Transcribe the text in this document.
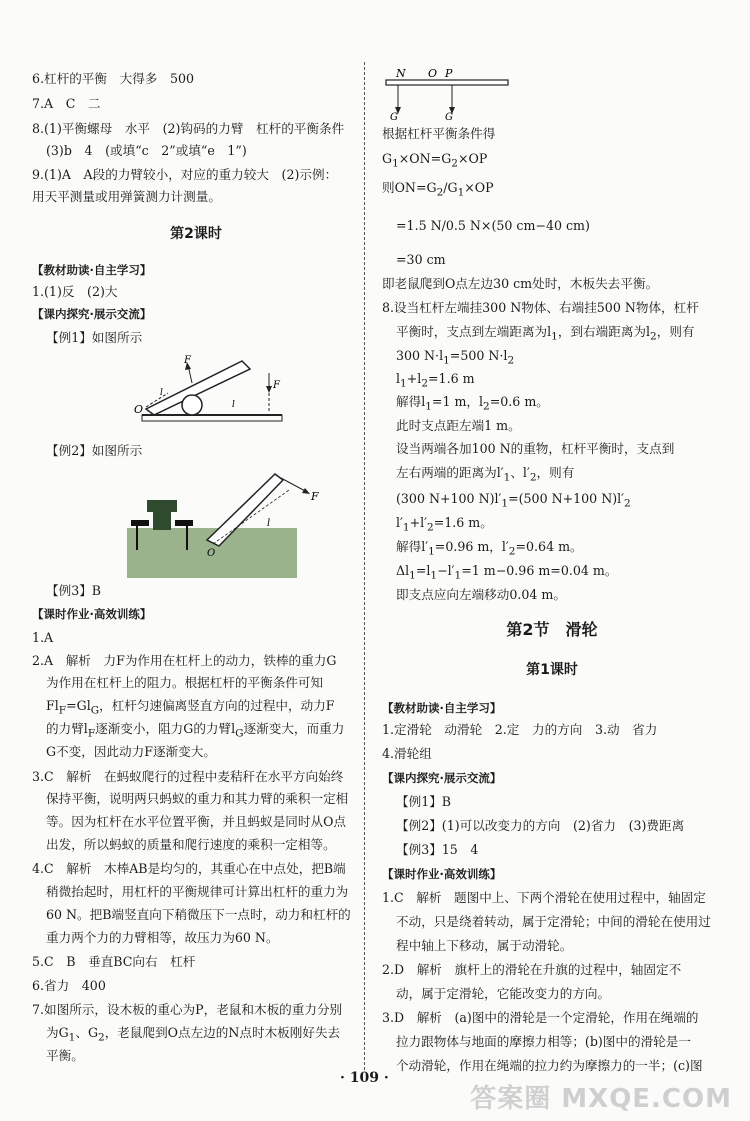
6.杠杆的平衡　大得多　500
7.A　C　二
8.(1)平衡螺母　水平　(2)钩码的力臂　杠杆的平衡条件
(3)b　4　(或填“c　2”或填“e　1”)
9.(1)A　A段的力臂较小，对应的重力较大　(2)示例：
用天平测量或用弹簧测力计测量。
第2课时
【教材助读·自主学习】
1.(1)反　(2)大
【课内探究·展示交流】
【例1】如图所示
O
F
F
l
l
【例2】如图所示
F
l
O
【例3】B
【课时作业·高效训练】
1.A
2.A　解析　力F为作用在杠杆上的动力，铁棒的重力G
为作用在杠杆上的阻力。根据杠杆的平衡条件可知
$Fl_F=Gl_G$，杠杆匀速偏离竖直方向的过程中，动力F
的力臂$l_F$逐渐变小，阻力G的力臂$l_G$逐渐变大，而重力
G不变，因此动力F逐渐变大。
3.C　解析　在蚂蚁爬行的过程中麦秸秆在水平方向始终
保持平衡，说明两只蚂蚁的重力和其力臂的乘积一定相
等。因为杠杆在水平位置平衡，并且蚂蚁是同时从O点
出发，所以蚂蚁的质量和爬行速度的乘积一定相等。
4.C　解析　木棒AB是均匀的，其重心在中点处，把B端
稍微抬起时，用杠杆的平衡规律可计算出杠杆的重力为
60 N。把B端竖直向下稍微压下一点时，动力和杠杆的
重力两个力的力臂相等，故压力为60 N。
5.C　B　垂直BC向右　杠杆
6.省力　400
7.如图所示，设木板的重心为P，老鼠和木板的重力分别
为$G_1$、$G_2$，老鼠爬到O点左边的N点时木板刚好失去
平衡。
N O P
G	G
根据杠杆平衡条件得
$G_1\times ON=G_2\times OP$
则$ON=G_2/G_1\times OP$
=1.5 N/0.5 N×(50 cm−40 cm)
=30 cm
即老鼠爬到O点左边30 cm处时，木板失去平衡。
8.设当杠杆左端挂300 N物体、右端挂500 N物体，杠杆
平衡时，支点到左端距离为$l_1$，到右端距离为$l_2$，则有
300 $N\cdot l_1=500$ $N\cdot l_2$
$l_1+l_2=1.6$ m
解得$l_1=1$ m，$l_2=0.6$ m。
此时支点距左端1 m。
设当两端各加100 N的重物，杠杆平衡时，支点到
左右两端的距离为$l'_1$、$l'_2$，则有
(300 N+100 $N)l'_1=(500$ N+100 $N)l'_2$
$l'_1+l'_2=1.6$ m。
解得$l'_1=0.96$ m，$l'_2=0.64$ m。
$\Delta l_1=l_1-l'_1=1$ m−0.96 m=0.04 m。
即支点应向左端移动0.04 m。
第2节　滑轮
第1课时
【教材助读·自主学习】
1.定滑轮　动滑轮　2.定　力的方向　3.动　省力
4.滑轮组
【课内探究·展示交流】
【例1】B
【例2】(1)可以改变力的方向　(2)省力　(3)费距离
【例3】15　4
【课时作业·高效训练】
1.C　解析　题图中上、下两个滑轮在使用过程中，轴固定
不动，只是绕着转动，属于定滑轮；中间的滑轮在使用过
程中轴上下移动，属于动滑轮。
2.D　解析　旗杆上的滑轮在升旗的过程中，轴固定不
动，属于定滑轮，它能改变力的方向。
3.D　解析　(a)图中的滑轮是一个定滑轮，作用在绳端的
拉力跟物体与地面的摩擦力相等；(b)图中的滑轮是一
个动滑轮，作用在绳端的拉力约为摩擦力的一半；(c)图
· 109 ·
答案圈 MXQE.COM
